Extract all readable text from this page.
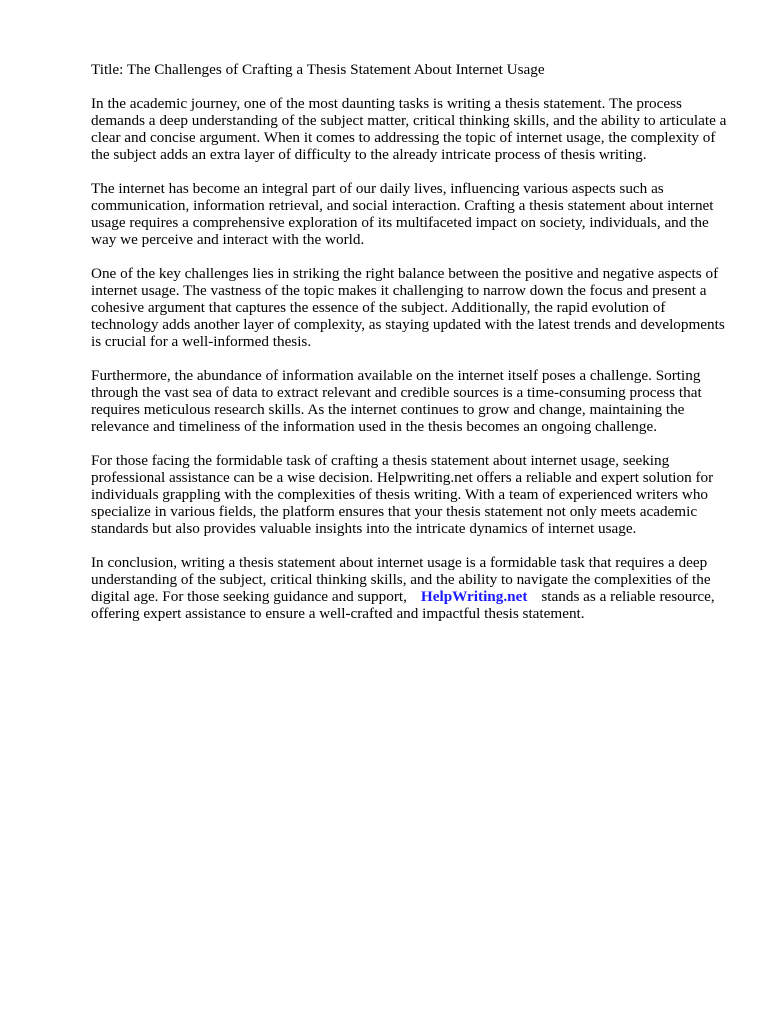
Title: The Challenges of Crafting a Thesis Statement About Internet Usage

In the academic journey, one of the most daunting tasks is writing a thesis statement. The process demands a deep understanding of the subject matter, critical thinking skills, and the ability to articulate a clear and concise argument. When it comes to addressing the topic of internet usage, the complexity of the subject adds an extra layer of difficulty to the already intricate process of thesis writing.

The internet has become an integral part of our daily lives, influencing various aspects such as communication, information retrieval, and social interaction. Crafting a thesis statement about internet usage requires a comprehensive exploration of its multifaceted impact on society, individuals, and the way we perceive and interact with the world.

One of the key challenges lies in striking the right balance between the positive and negative aspects of internet usage. The vastness of the topic makes it challenging to narrow down the focus and present a cohesive argument that captures the essence of the subject. Additionally, the rapid evolution of technology adds another layer of complexity, as staying updated with the latest trends and developments is crucial for a well-informed thesis.

Furthermore, the abundance of information available on the internet itself poses a challenge. Sorting through the vast sea of data to extract relevant and credible sources is a time-consuming process that requires meticulous research skills. As the internet continues to grow and change, maintaining the relevance and timeliness of the information used in the thesis becomes an ongoing challenge.

For those facing the formidable task of crafting a thesis statement about internet usage, seeking professional assistance can be a wise decision. Helpwriting.net offers a reliable and expert solution for individuals grappling with the complexities of thesis writing. With a team of experienced writers who specialize in various fields, the platform ensures that your thesis statement not only meets academic standards but also provides valuable insights into the intricate dynamics of internet usage.

In conclusion, writing a thesis statement about internet usage is a formidable task that requires a deep understanding of the subject, critical thinking skills, and the ability to navigate the complexities of the digital age. For those seeking guidance and support, HelpWriting.net stands as a reliable resource, offering expert assistance to ensure a well-crafted and impactful thesis statement.
